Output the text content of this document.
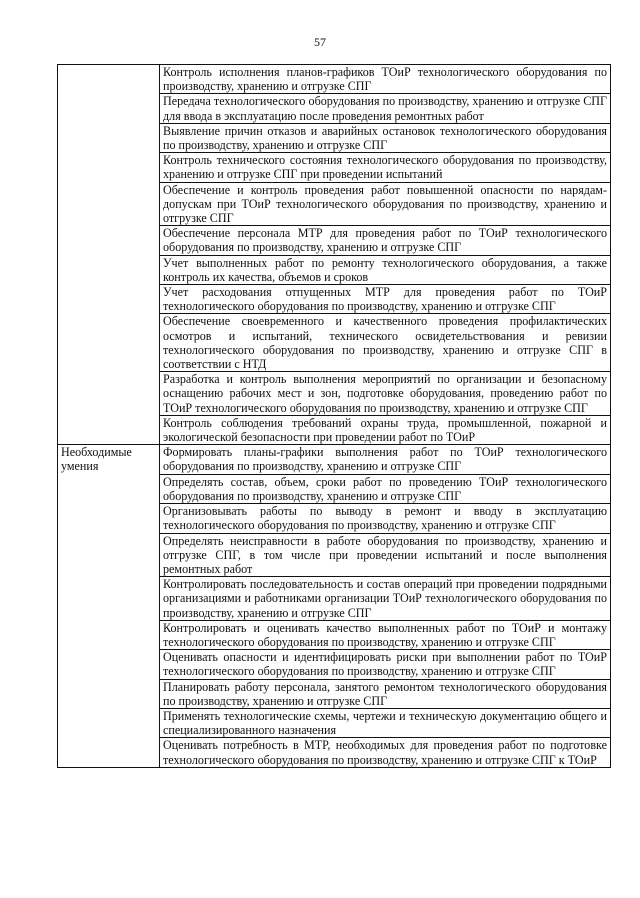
57
	Контроль исполнения планов-графиков ТОиР технологического оборудования по производству, хранению и отгрузке СПГ
	Передача технологического оборудования по производству, хранению и отгрузке СПГ для ввода в эксплуатацию после проведения ремонтных работ
	Выявление причин отказов и аварийных остановок технологического оборудования по производству, хранению и отгрузке СПГ
	Контроль технического состояния технологического оборудования по производству, хранению и отгрузке СПГ при проведении испытаний
	Обеспечение и контроль проведения работ повышенной опасности по нарядам-допускам при ТОиР технологического оборудования по производству, хранению и отгрузке СПГ
	Обеспечение персонала МТР для проведения работ по ТОиР технологического оборудования по производству, хранению и отгрузке СПГ
	Учет выполненных работ по ремонту технологического оборудования, а также контроль их качества, объемов и сроков
	Учет расходования отпущенных МТР для проведения работ по ТОиР технологического оборудования по производству, хранению и отгрузке СПГ
	Обеспечение своевременного и качественного проведения профилактических осмотров и испытаний, технического освидетельствования и ревизии технологического оборудования по производству, хранению и отгрузке СПГ в соответствии с НТД
	Разработка и контроль выполнения мероприятий по организации и безопасному оснащению рабочих мест и зон, подготовке оборудования, проведению работ по ТОиР технологического оборудования по производству, хранению и отгрузке СПГ
	Контроль соблюдения требований охраны труда, промышленной, пожарной и экологической безопасности при проведении работ по ТОиР
Необходимые умения	Формировать планы-графики выполнения работ по ТОиР технологического оборудования по производству, хранению и отгрузке СПГ
	Определять состав, объем, сроки работ по проведению ТОиР технологического оборудования по производству, хранению и отгрузке СПГ
	Организовывать работы по выводу в ремонт и вводу в эксплуатацию технологического оборудования по производству, хранению и отгрузке СПГ
	Определять неисправности в работе оборудования по производству, хранению и отгрузке СПГ, в том числе при проведении испытаний и после выполнения ремонтных работ
	Контролировать последовательность и состав операций при проведении подрядными организациями и работниками организации ТОиР технологического оборудования по производству, хранению и отгрузке СПГ
	Контролировать и оценивать качество выполненных работ по ТОиР и монтажу технологического оборудования по производству, хранению и отгрузке СПГ
	Оценивать опасности и идентифицировать риски при выполнении работ по ТОиР технологического оборудования по производству, хранению и отгрузке СПГ
	Планировать работу персонала, занятого ремонтом технологического оборудования по производству, хранению и отгрузке СПГ
	Применять технологические схемы, чертежи и техническую документацию общего и специализированного назначения
	Оценивать потребность в МТР, необходимых для проведения работ по подготовке технологического оборудования по производству, хранению и отгрузке СПГ к ТОиР
